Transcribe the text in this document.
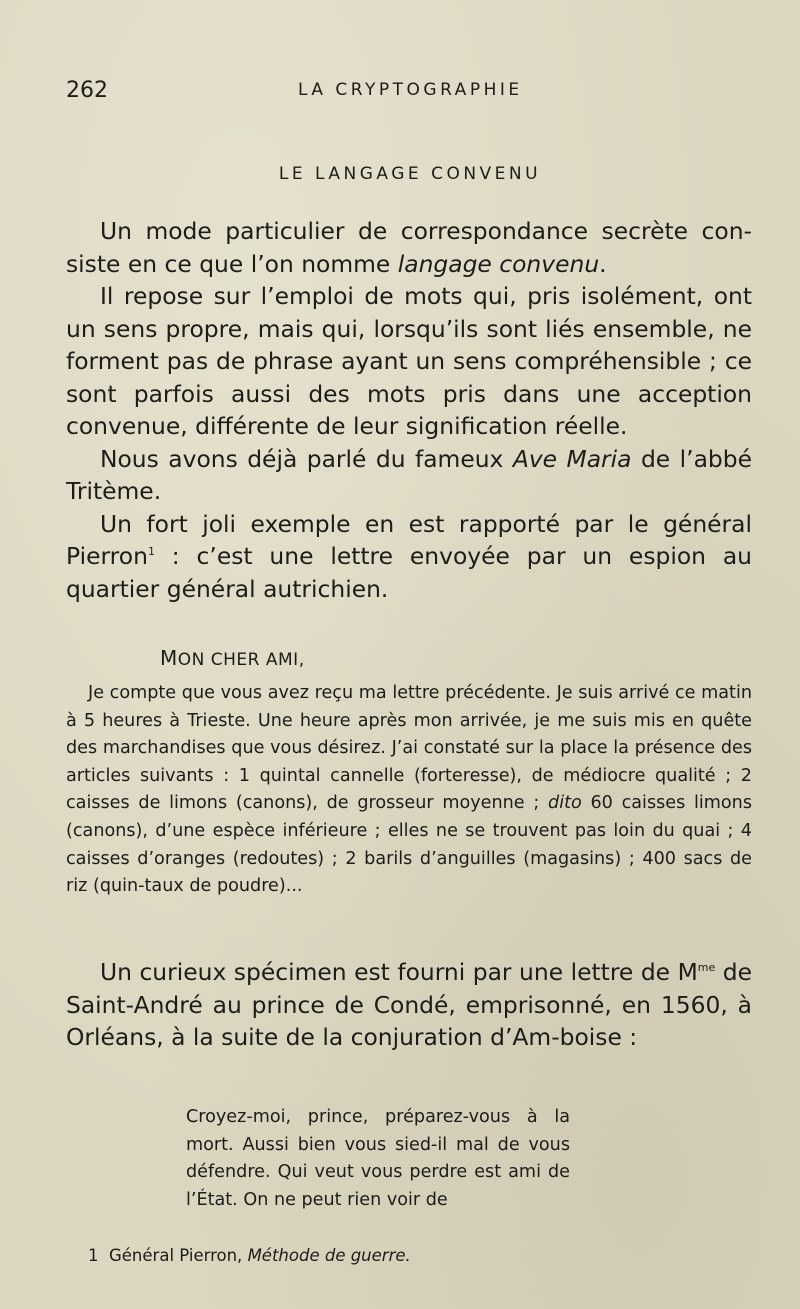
262	LA CRYPTOGRAPHIE
LE LANGAGE CONVENU

Un mode particulier de correspondance secrète con-siste en ce que l’on nomme langage convenu.

Il repose sur l’emploi de mots qui, pris isolément, ont un sens propre, mais qui, lorsqu’ils sont liés ensemble, ne forment pas de phrase ayant un sens compréhensible ; ce sont parfois aussi des mots pris dans une acception convenue, différente de leur signification réelle.

Nous avons déjà parlé du fameux Ave Maria de l’abbé Tritème.

Un fort joli exemple en est rapporté par le général Pierron$^1$ : c’est une lettre envoyée par un espion au quartier général autrichien.

MON CHER AMI,

Je compte que vous avez reçu ma lettre précédente. Je suis arrivé ce matin à 5 heures à Trieste. Une heure après mon arrivée, je me suis mis en quête des marchandises que vous désirez. J’ai constaté sur la place la présence des articles suivants : 1 quintal cannelle (forteresse), de médiocre qualité ; 2 caisses de limons (canons), de grosseur moyenne ; dito 60 caisses limons (canons), d’une espèce inférieure ; elles ne se trouvent pas loin du quai ; 4 caisses d’oranges (redoutes) ; 2 barils d’anguilles (magasins) ; 400 sacs de riz (quin-taux de poudre)...

Un curieux spécimen est fourni par une lettre de $M^{me}$ de Saint-André au prince de Condé, emprisonné, en 1560, à Orléans, à la suite de la conjuration d’Am-boise :

Croyez-moi, prince, préparez-vous à la mort. Aussi bien vous sied-il mal de vous défendre. Qui veut vous perdre est ami de l’État. On ne peut rien voir de

1 Général Pierron, Méthode de guerre.
